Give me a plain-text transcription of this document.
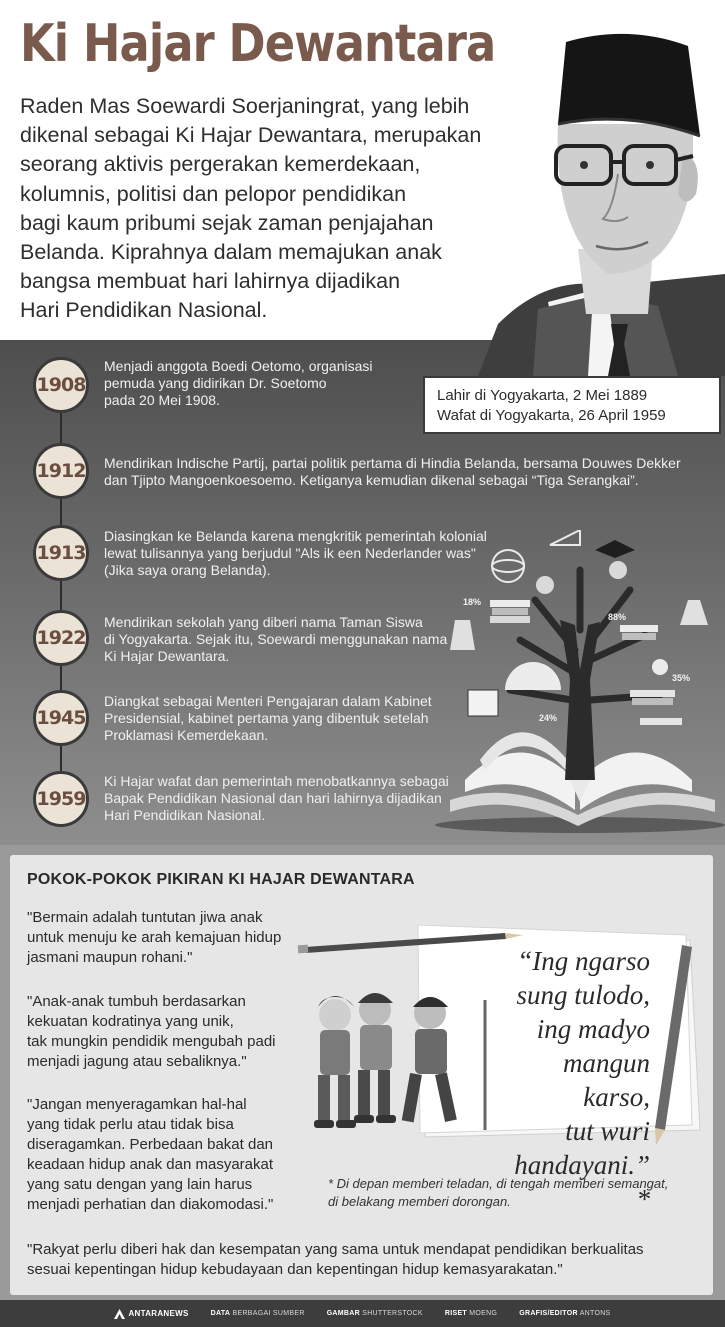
Ki Hajar Dewantara
Raden Mas Soewardi Soerjaningrat, yang lebih
dikenal sebagai Ki Hajar Dewantara, merupakan
seorang aktivis pergerakan kemerdekaan,
kolumnis, politisi dan pelopor pendidikan
bagi kaum pribumi sejak zaman penjajahan
Belanda. Kiprahnya dalam memajukan anak
bangsa membuat hari lahirnya dijadikan
Hari Pendidikan Nasional.
1908
Menjadi anggota Boedi Oetomo, organisasi
pemuda yang didirikan Dr. Soetomo
pada 20 Mei 1908.	Lahir di Yogyakarta, 2 Mei 1889
Wafat di Yogyakarta, 26 April 1959
1912 Mendirikan Indische Partij, partai politik pertama di Hindia Belanda, bersama Douwes Dekker
dan Tjipto Mangoenkoesoemo. Ketiganya kemudian dikenal sebagai “Tiga Serangkai”.
1913
Diasingkan ke Belanda karena mengkritik pemerintah kolonial
lewat tulisannya yang berjudul "Als ik een Nederlander was"
(Jika saya orang Belanda).
1922
Mendirikan sekolah yang diberi nama Taman Siswa
di Yogyakarta. Sejak itu, Soewardi menggunakan nama
Ki Hajar Dewantara.
1945
Diangkat sebagai Menteri Pengajaran dalam Kabinet
Presidensial, kabinet pertama yang dibentuk setelah
Proklamasi Kemerdekaan.
1959
Ki Hajar wafat dan pemerintah menobatkannya sebagai
Bapak Pendidikan Nasional dan hari lahirnya dijadikan
Hari Pendidikan Nasional.
18%
88%
35%
24%
POKOK-POKOK PIKIRAN KI HAJAR DEWANTARA
"Bermain adalah tuntutan jiwa anak
untuk menuju ke arah kemajuan hidup
jasmani maupun rohani."
"Anak-anak tumbuh berdasarkan
kekuatan kodratinya yang unik,
tak mungkin pendidik mengubah padi
menjadi jagung atau sebaliknya."
"Jangan menyeragamkan hal-hal
yang tidak perlu atau tidak bisa
diseragamkan. Perbedaan bakat dan
keadaan hidup anak dan masyarakat
yang satu dengan yang lain harus
menjadi perhatian dan diakomodasi."
“Ing ngarso
sung tulodo,
ing madyo
mangun karso,
tut wuri
handayani.” *
* Di depan memberi teladan, di tengah memberi semangat,
di belakang memberi dorongan.
"Rakyat perlu diberi hak dan kesempatan yang sama untuk mendapat pendidikan berkualitas
sesuai kepentingan hidup kebudayaan dan kepentingan hidup kemasyarakatan."
ANTARANEWS	DATA BERBAGAI SUMBER	GAMBAR SHUTTERSTOCK	RISET MOENG	GRAFIS/EDITOR ANTONS
